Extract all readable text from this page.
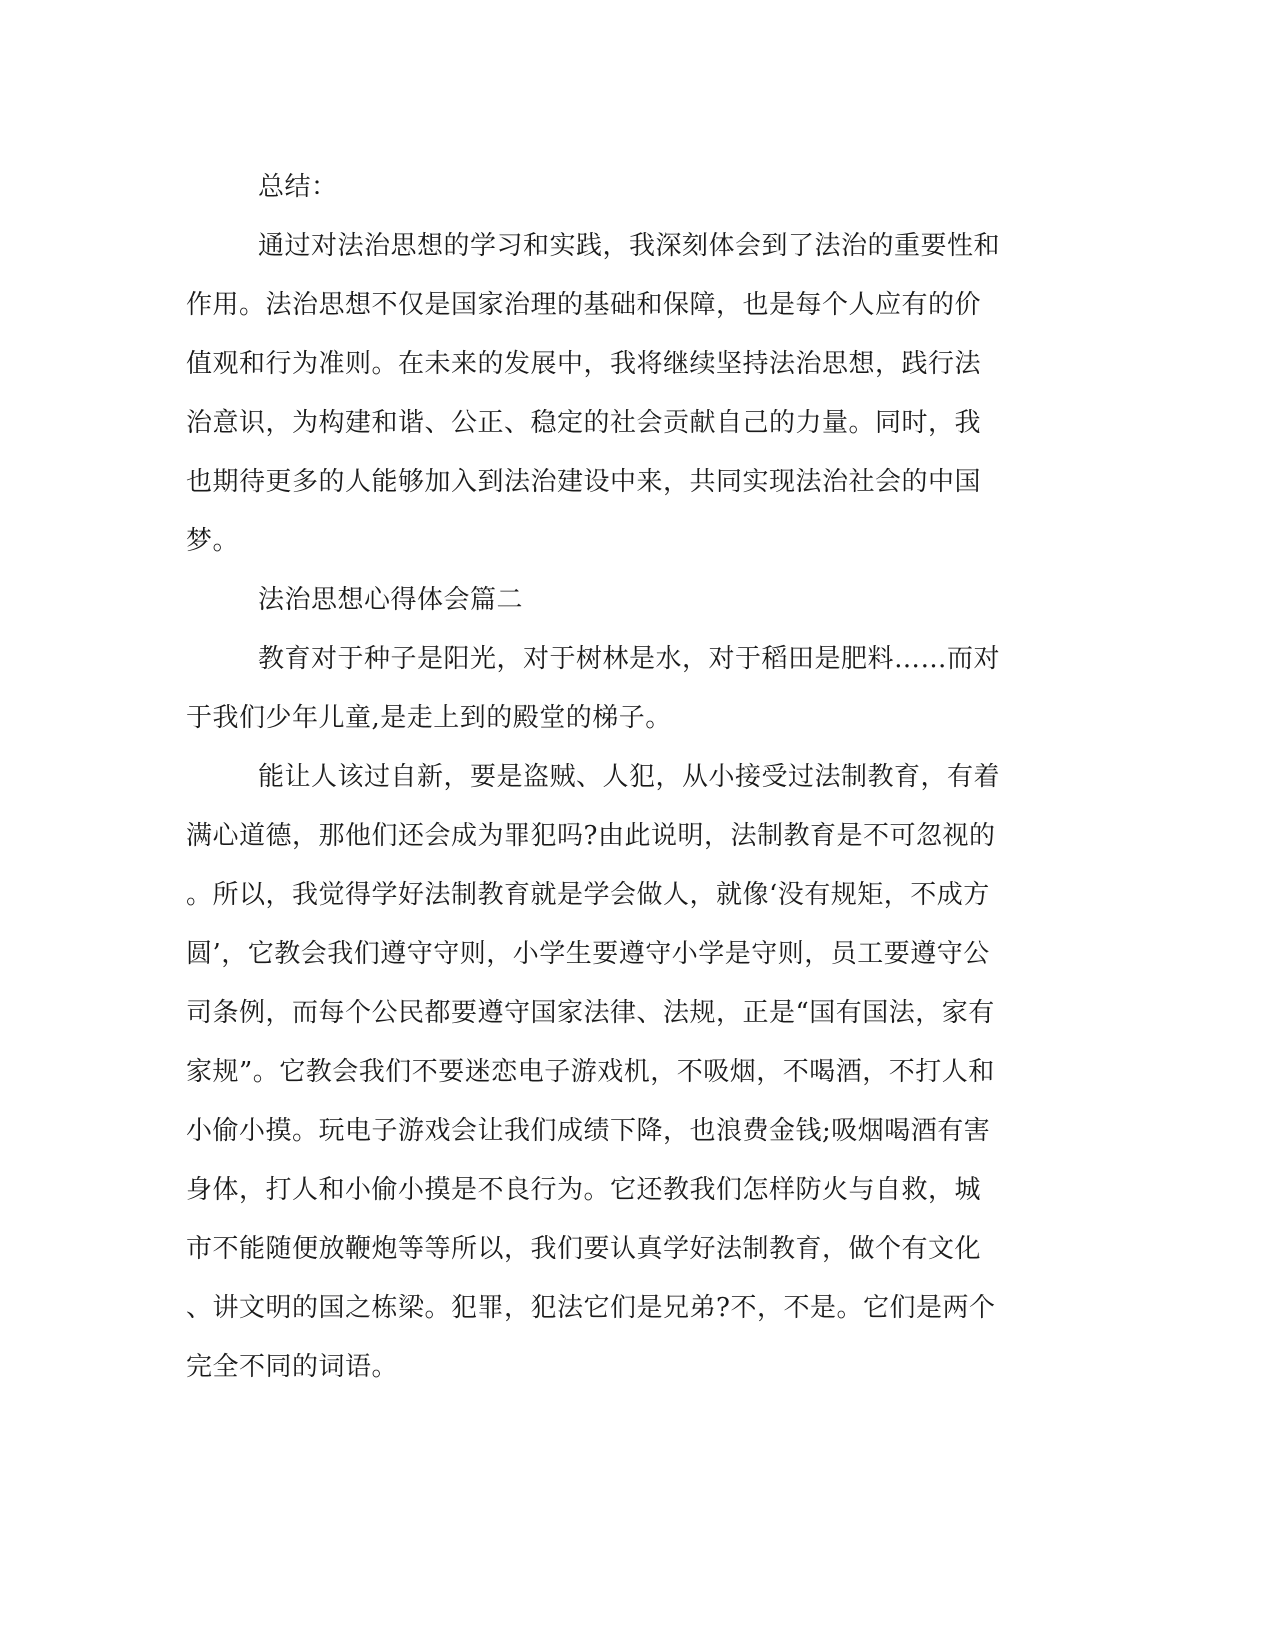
总结：
通过对法治思想的学习和实践，我深刻体会到了法治的重要性和
作用。法治思想不仅是国家治理的基础和保障，也是每个人应有的价
值观和行为准则。在未来的发展中，我将继续坚持法治思想，践行法
治意识，为构建和谐、公正、稳定的社会贡献自己的力量。同时，我
也期待更多的人能够加入到法治建设中来，共同实现法治社会的中国
梦。
法治思想心得体会篇二
教育对于种子是阳光，对于树林是水，对于稻田是肥料……而对
于我们少年儿童,是走上到的殿堂的梯子。
能让人该过自新，要是盗贼、人犯，从小接受过法制教育，有着
满心道德，那他们还会成为罪犯吗?由此说明，法制教育是不可忽视的
。所以，我觉得学好法制教育就是学会做人，就像‘没有规矩，不成方
圆’，它教会我们遵守守则，小学生要遵守小学是守则，员工要遵守公
司条例，而每个公民都要遵守国家法律、法规，正是“国有国法，家有
家规”。它教会我们不要迷恋电子游戏机，不吸烟，不喝酒，不打人和
小偷小摸。玩电子游戏会让我们成绩下降，也浪费金钱;吸烟喝酒有害
身体，打人和小偷小摸是不良行为。它还教我们怎样防火与自救，城
市不能随便放鞭炮等等所以，我们要认真学好法制教育，做个有文化
、讲文明的国之栋梁。犯罪，犯法它们是兄弟?不，不是。它们是两个
完全不同的词语。
